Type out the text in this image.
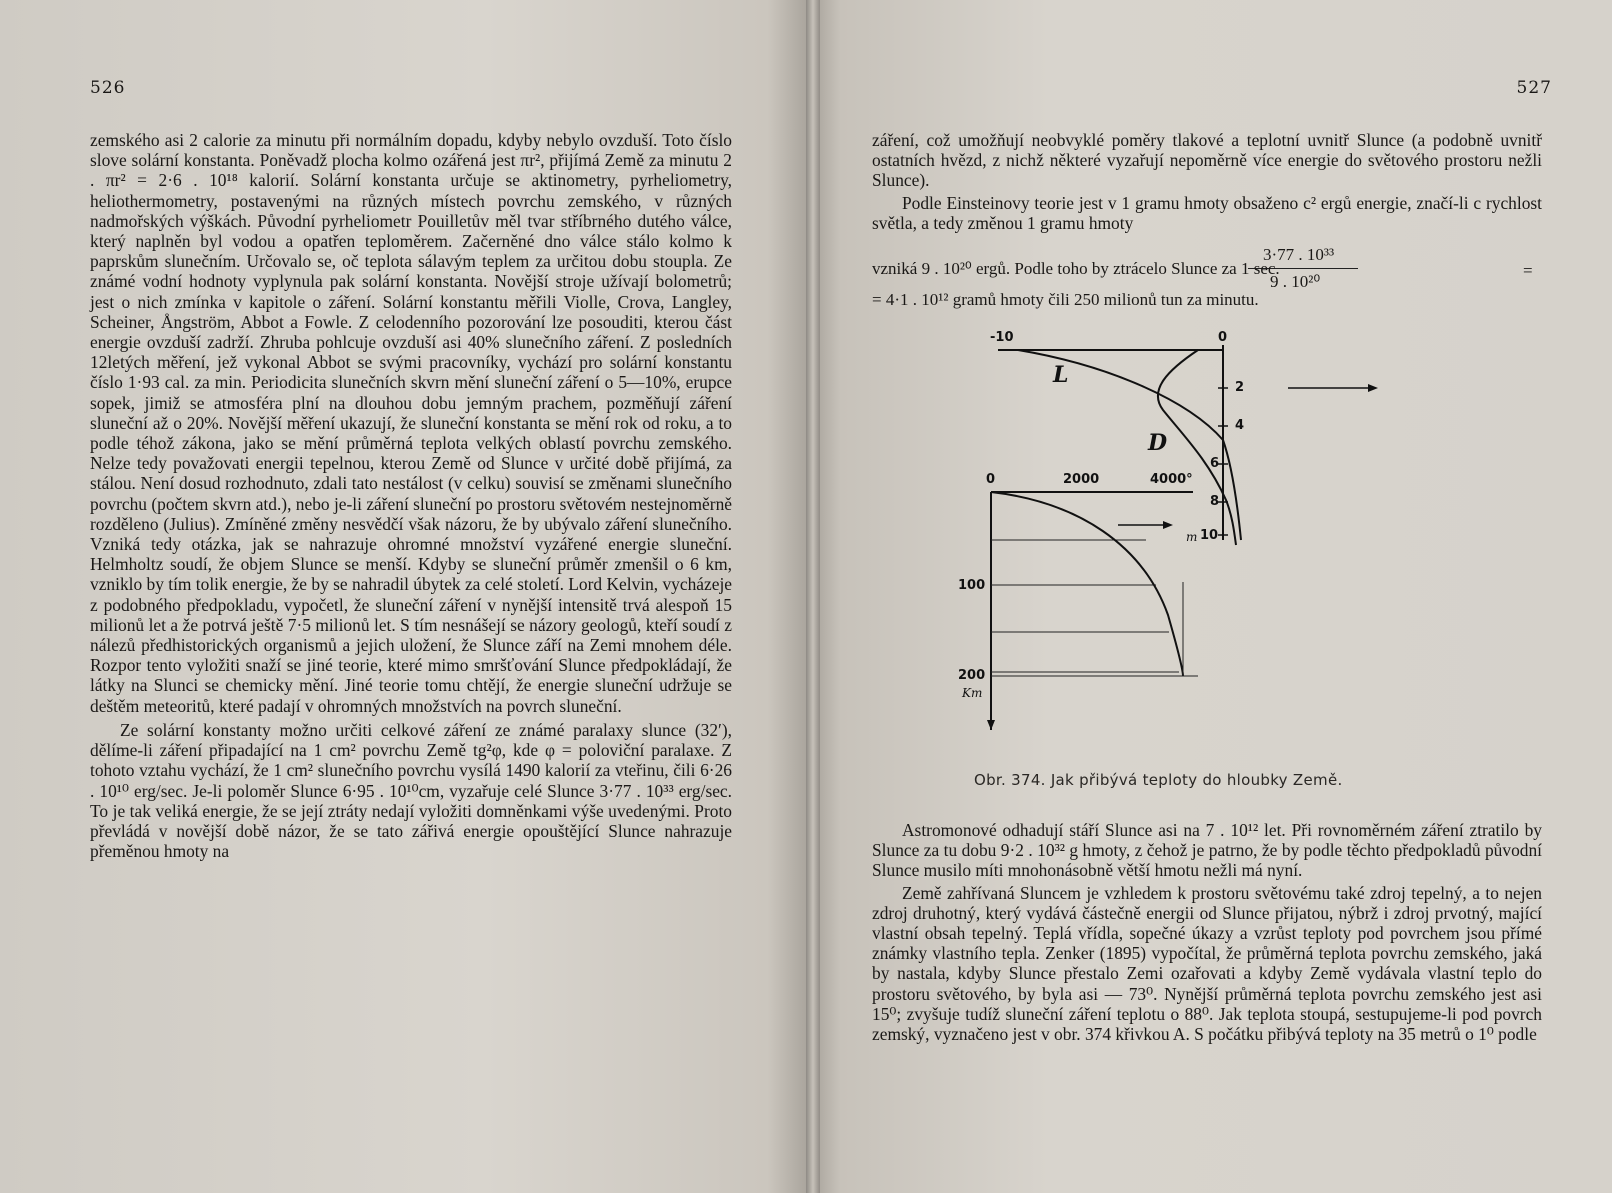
526

zemského asi 2 calorie za minutu při normálním dopadu, kdyby nebylo ovzduší. Toto číslo slove solární konstanta. Poněvadž plocha kolmo ozářená jest πr², přijímá Země za minutu 2 . πr² = 2·6 . 10¹⁸ kalorií. Solární konstanta určuje se aktinometry, pyrheliometry, heliothermometry, postavenými na různých místech povrchu zemského, v různých nadmořských výškách. Původní pyrheliometr Pouilletův měl tvar stříbrného dutého válce, který naplněn byl vodou a opatřen teploměrem. Začerněné dno válce stálo kolmo k paprskům slunečním. Určovalo se, oč teplota sálavým teplem za určitou dobu stoupla. Ze známé vodní hodnoty vyplynula pak solární konstanta. Novější stroje užívají bolometrů; jest o nich zmínka v kapitole o záření. Solární konstantu měřili Violle, Crova, Langley, Scheiner, Ångström, Abbot a Fowle. Z celodenního pozorování lze posouditi, kterou část energie ovzduší zadrží. Zhruba pohlcuje ovzduší asi 40% slunečního záření. Z posledních 12letých měření, jež vykonal Abbot se svými pracovníky, vychází pro solární konstantu číslo 1·93 cal. za min. Periodicita slunečních skvrn mění sluneční záření o 5—10%, erupce sopek, jimiž se atmosféra plní na dlouhou dobu jemným prachem, pozměňují záření sluneční až o 20%. Novější měření ukazují, že sluneční konstanta se mění rok od roku, a to podle téhož zákona, jako se mění průměrná teplota velkých oblastí povrchu zemského. Nelze tedy považovati energii tepelnou, kterou Země od Slunce v určité době přijímá, za stálou. Není dosud rozhodnuto, zdali tato nestálost (v celku) souvisí se změnami slunečního povrchu (počtem skvrn atd.), nebo je-li záření sluneční po prostoru světovém nestejnoměrně rozděleno (Julius). Zmíněné změny nesvědčí však názoru, že by ubývalo záření slunečního. Vzniká tedy otázka, jak se nahrazuje ohromné množství vyzářené energie sluneční. Helmholtz soudí, že objem Slunce se menší. Kdyby se sluneční průměr zmenšil o 6 km, vzniklo by tím tolik energie, že by se nahradil úbytek za celé století. Lord Kelvin, vycházeje z podobného předpokladu, vypočetl, že sluneční záření v nynější intensitě trvá alespoň 15 milionů let a že potrvá ještě 7·5 milionů let. S tím nesnášejí se názory geologů, kteří soudí z nálezů předhistorických organismů a jejich uložení, že Slunce září na Zemi mnohem déle. Rozpor tento vyložiti snaží se jiné teorie, které mimo smršťování Slunce předpokládají, že látky na Slunci se chemicky mění. Jiné teorie tomu chtějí, že energie sluneční udržuje se deštěm meteoritů, které padají v ohromných množstvích na povrch sluneční.

Ze solární konstanty možno určiti celkové záření ze známé paralaxy slunce (32′), dělíme-li záření připadající na 1 cm² povrchu Země tg²φ, kde φ = poloviční paralaxe. Z tohoto vztahu vychází, že 1 cm² slunečního povrchu vysílá 1490 kalorií za vteřinu, čili 6·26 . 10¹⁰ erg/sec. Je-li poloměr Slunce 6·95 . 10¹⁰cm, vyzařuje celé Slunce 3·77 . 10³³ erg/sec. To je tak veliká energie, že se její ztráty nedají vyložiti domněnkami výše uvedenými. Proto převládá v novější době názor, že se tato zářivá energie opouštějící Slunce nahrazuje přeměnou hmoty na

527

záření, což umožňují neobvyklé poměry tlakové a teplotní uvnitř Slunce (a podobně uvnitř ostatních hvězd, z nichž některé vyzařují nepoměrně více energie do světového prostoru nežli Slunce).

Podle Einsteinovy teorie jest v 1 gramu hmoty obsaženo c² ergů energie, značí-li c rychlost světla, a tedy změnou 1 gramu hmoty

3·77 . 10³³
vzniká 9 . 10²⁰ ergů. Podle toho by ztrácelo Slunce za 1 sec.
9 . 10²⁰
=
= 4·1 . 10¹² gramů hmoty čili 250 milionů tun za minutu.
-10	0
2
4
6
8
m 10
L
D
0	2000	4000°
100
200
Km
Obr. 374. Jak přibývá teploty do hloubky Země.

Astromonové odhadují stáří Slunce asi na 7 . 10¹² let. Při rovnoměrném záření ztratilo by Slunce za tu dobu 9·2 . 10³² g hmoty, z čehož je patrno, že by podle těchto předpokladů původní Slunce musilo míti mnohonásobně větší hmotu nežli má nyní.

Země zahřívaná Sluncem je vzhledem k prostoru světovému také zdroj tepelný, a to nejen zdroj druhotný, který vydává částečně energii od Slunce přijatou, nýbrž i zdroj prvotný, mající vlastní obsah tepelný. Teplá vřídla, sopečné úkazy a vzrůst teploty pod povrchem jsou přímé známky vlastního tepla. Zenker (1895) vypočítal, že průměrná teplota povrchu zemského, jaká by nastala, kdyby Slunce přestalo Zemi ozařovati a kdyby Země vydávala vlastní teplo do prostoru světového, by byla asi — 73⁰. Nynější průměrná teplota povrchu zemského jest asi 15⁰; zvyšuje tudíž sluneční záření teplotu o 88⁰. Jak teplota stoupá, sestupujeme-li pod povrch zemský, vyznačeno jest v obr. 374 křivkou A. S počátku přibývá teploty na 35 metrů o 1⁰ podle
